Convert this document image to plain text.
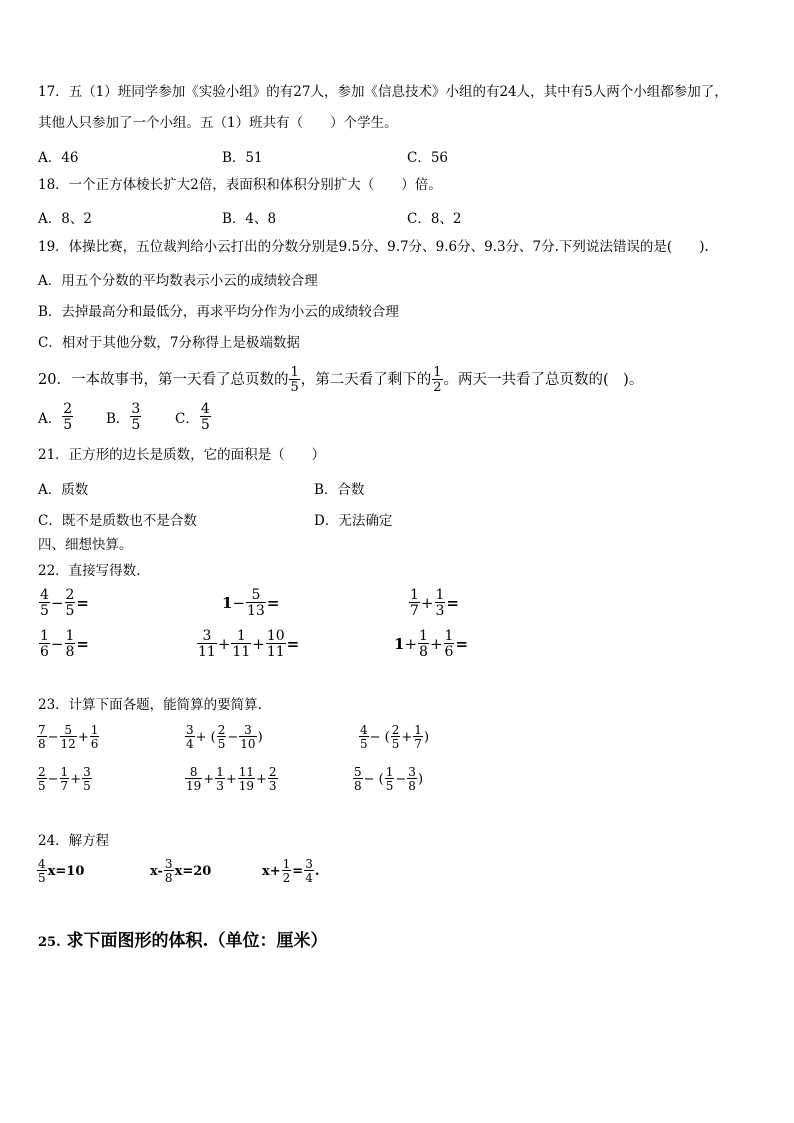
17．五（1）班同学参加《实验小组》的有27人，参加《信息技术》小组的有24人，其中有5人两个小组都参加了，
其他人只参加了一个小组。五（1）班共有（　　）个学生。
A．46	B．51	C．56
18．一个正方体棱长扩大2倍，表面积和体积分别扩大（　　）倍。
A．8、2	B．4、8	C．8、2
19．体操比赛，五位裁判给小云打出的分数分别是9.5分、9.7分、9.6分、9.3分、7分.下列说法错误的是(　　).
A．用五个分数的平均数表示小云的成绩较合理
B．去掉最高分和最低分，再求平均分作为小云的成绩较合理
C．相对于其他分数，7分称得上是极端数据
20．一本故事书，第一天看了总页数的 $\frac{1}{5}$ ，第二天看了剩下的 $\frac{1}{2}$ 。两天一共看了总页数的(　)。
A． $\frac{2}{5}$ B． $\frac{3}{5}$ C． $\frac{4}{5}$
21．正方形的边长是质数，它的面积是（　　）
A．质数	B．合数
C．既不是质数也不是合数	D．无法确定
四、细想快算。
22．直接写得数.
$\frac{4}{5} - \frac{2}{5}$ =	$1 - \frac{5}{13}$ =	$\frac{1}{7} + \frac{1}{3}$ =
$\frac{1}{6} - \frac{1}{8}$ =	$\frac{3}{11} + \frac{1}{11} + \frac{10}{11}$ =	$1 + \frac{1}{8} + \frac{1}{6}$ =
23．计算下面各题，能简算的要简算.
$\frac{7}{8} - \frac{5}{12} + \frac{1}{6}$	$\frac{3}{4}$ + ( $\frac{2}{5} - \frac{3}{10}$ )	$\frac{4}{5}$ − ( $\frac{2}{5} + \frac{1}{7}$ )
$\frac{2}{5} - \frac{1}{7} + \frac{3}{5}$	$\frac{8}{19} + \frac{1}{3} + \frac{11}{19} + \frac{2}{3}$	$\frac{5}{8}$ − ( $\frac{1}{5} - \frac{3}{8}$ )
24．解方程
$\frac{4}{5} x=10$	$x- \frac{3}{8} x=20$	$x+ \frac{1}{2} = \frac{3}{4}$ .
25. 求下面图形的体积.（单位：厘米）
